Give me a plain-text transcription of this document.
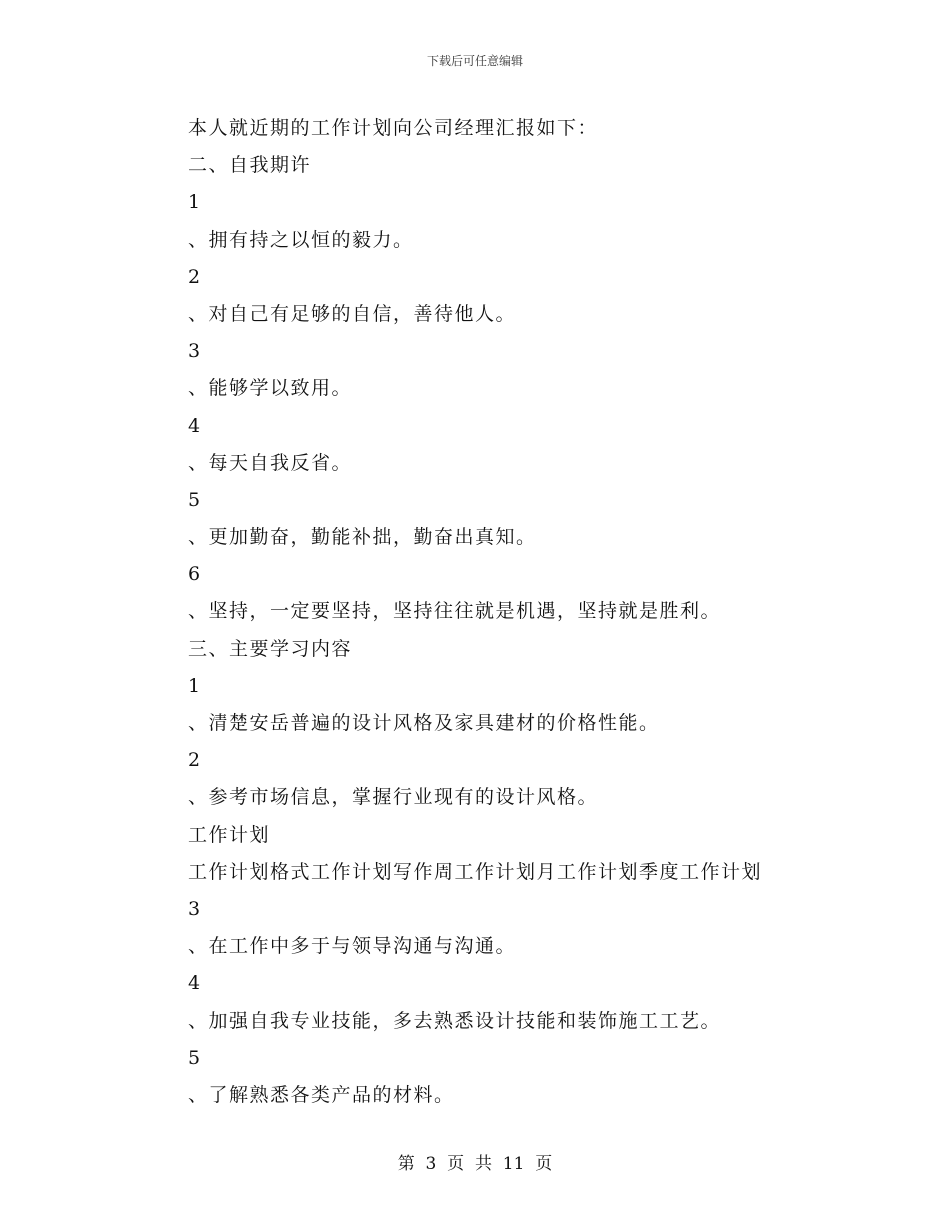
下载后可任意编辑
本人就近期的工作计划向公司经理汇报如下：
二、自我期许
1
、拥有持之以恒的毅力。
2
、对自己有足够的自信，善待他人。
3
、能够学以致用。
4
、每天自我反省。
5
、更加勤奋，勤能补拙，勤奋出真知。
6
、坚持，一定要坚持，坚持往往就是机遇，坚持就是胜利。
三、主要学习内容
1
、清楚安岳普遍的设计风格及家具建材的价格性能。
2
、参考市场信息，掌握行业现有的设计风格。
工作计划
工作计划格式工作计划写作周工作计划月工作计划季度工作计划
3
、在工作中多于与领导沟通与沟通。
4
、加强自我专业技能，多去熟悉设计技能和装饰施工工艺。
5
、了解熟悉各类产品的材料。
第  3  页  共  11  页
